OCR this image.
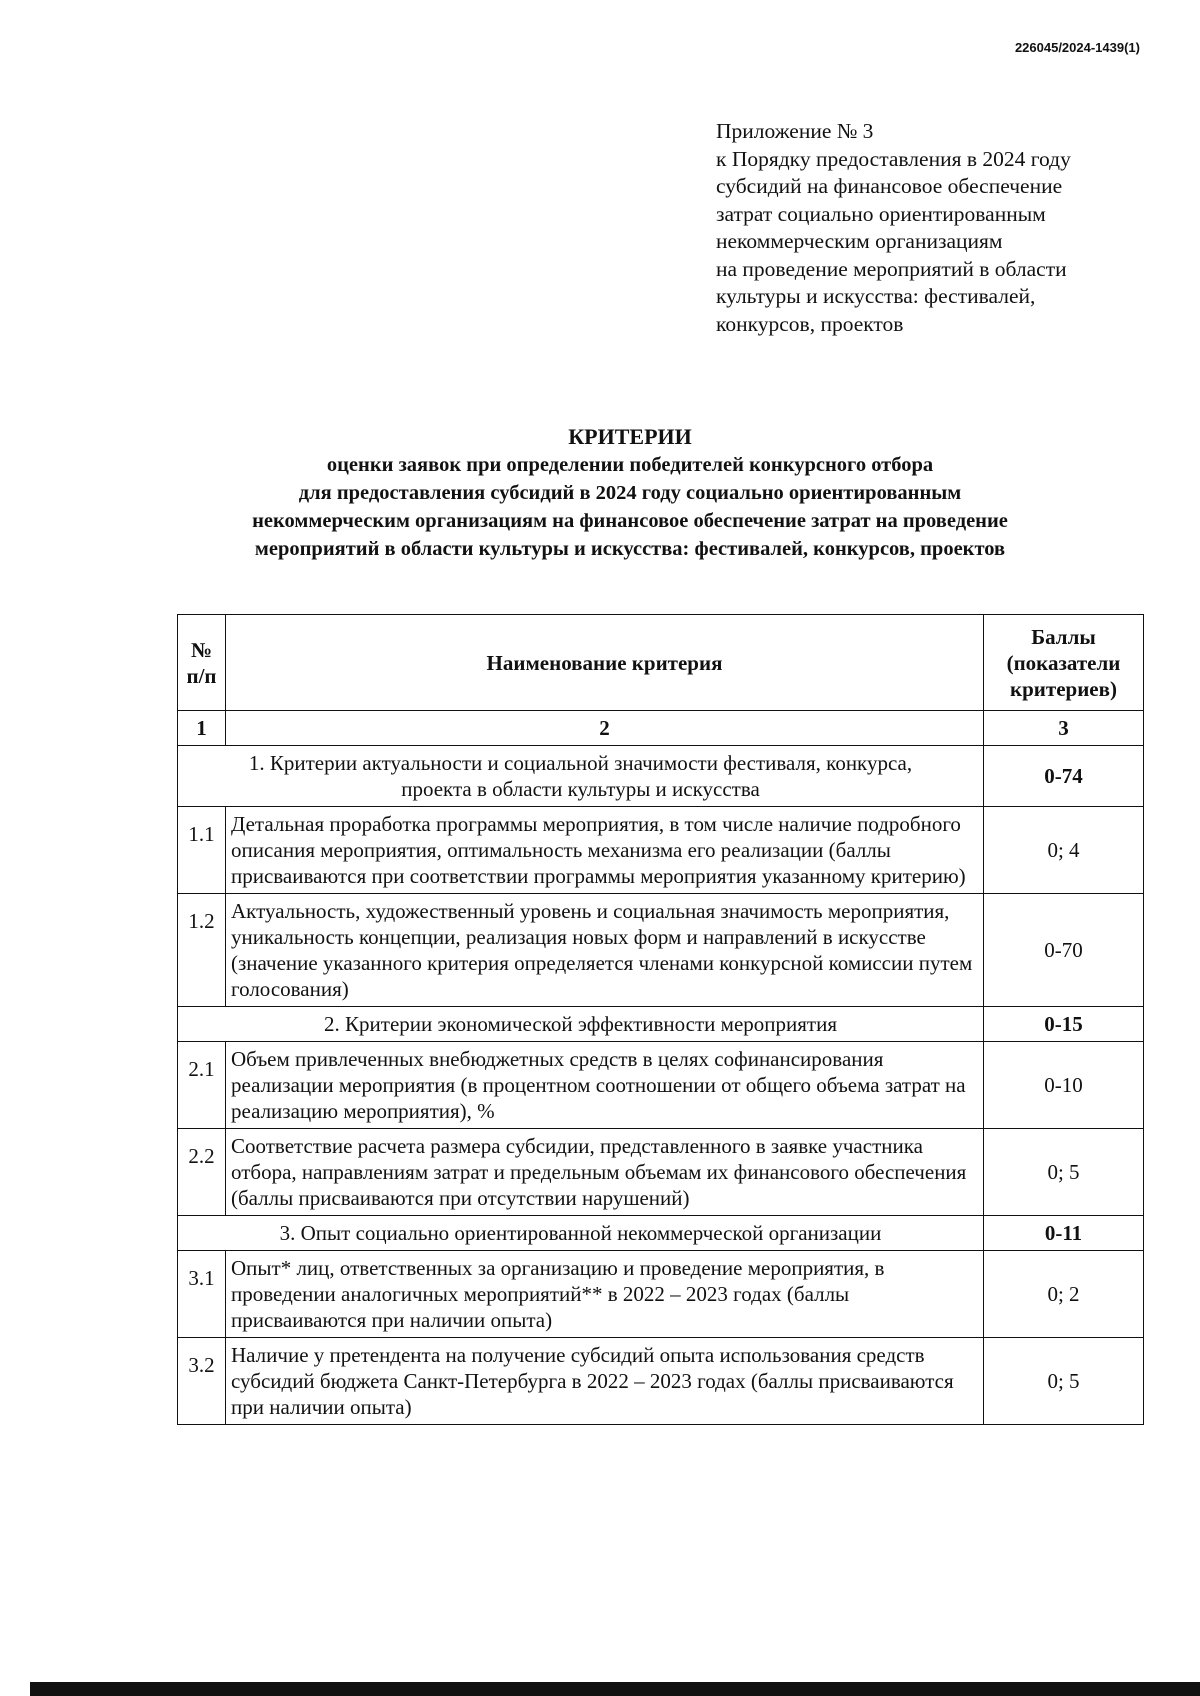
226045/2024-1439(1)
Приложение № 3
к Порядку предоставления в 2024 году
субсидий на финансовое обеспечение
затрат социально ориентированным
некоммерческим организациям
на проведение мероприятий в области
культуры и искусства: фестивалей,
конкурсов, проектов
КРИТЕРИИ
оценки заявок при определении победителей конкурсного отбора
для предоставления субсидий в 2024 году социально ориентированным
некоммерческим организациям на финансовое обеспечение затрат на проведение
мероприятий в области культуры и искусства: фестивалей, конкурсов, проектов
№ п/п	Наименование критерия	Баллы (показатели критериев)
1	2	3
1. Критерии актуальности и социальной значимости фестиваля, конкурса, проекта в области культуры и искусства		0-74
1.1	Детальная проработка программы мероприятия, в том числе наличие подробного описания мероприятия, оптимальность механизма его реализации (баллы присваиваются при соответствии программы мероприятия указанному критерию)	0; 4
1.2	Актуальность, художественный уровень и социальная значимость мероприятия, уникальность концепции, реализация новых форм и направлений в искусстве (значение указанного критерия определяется членами конкурсной комиссии путем голосования)	0-70
2. Критерии экономической эффективности мероприятия		0-15
2.1	Объем привлеченных внебюджетных средств в целях софинансирования реализации мероприятия (в процентном соотношении от общего объема затрат на реализацию мероприятия), %	0-10
2.2	Соответствие расчета размера субсидии, представленного в заявке участника отбора, направлениям затрат и предельным объемам их финансового обеспечения (баллы присваиваются при отсутствии нарушений)	0; 5
3. Опыт социально ориентированной некоммерческой организации		0-11
3.1	Опыт* лиц, ответственных за организацию и проведение мероприятия, в проведении аналогичных мероприятий** в 2022 – 2023 годах (баллы присваиваются при наличии опыта)	0; 2
3.2	Наличие у претендента на получение субсидий опыта использования средств субсидий бюджета Санкт-Петербурга в 2022 – 2023 годах (баллы присваиваются при наличии опыта)	0; 5
